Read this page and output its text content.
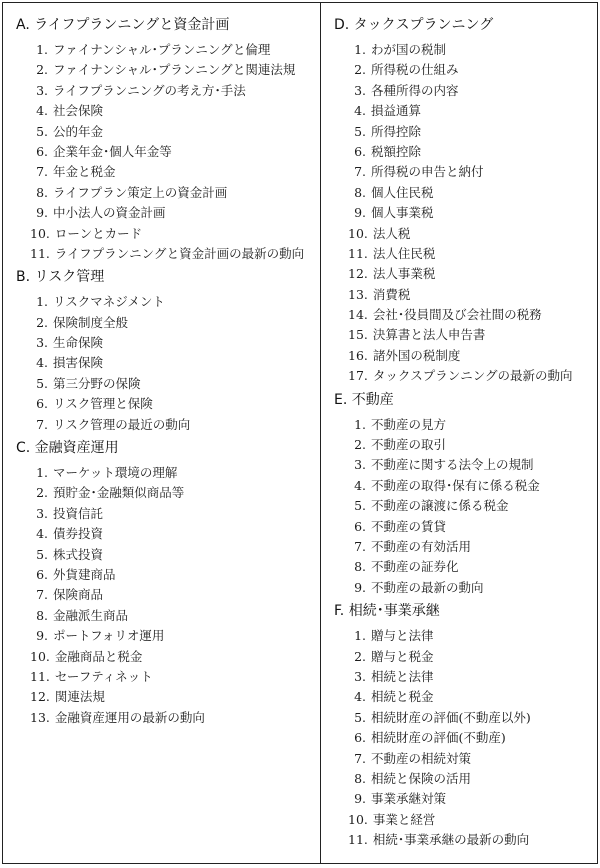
A. ライフプランニングと資金計画
1. ファイナンシャル･プランニングと倫理
2. ファイナンシャル･プランニングと関連法規
3. ライフプランニングの考え方･手法
4. 社会保険
5. 公的年金
6. 企業年金･個人年金等
7. 年金と税金
8. ライフプラン策定上の資金計画
9. 中小法人の資金計画
10. ローンとカード
11. ライフプランニングと資金計画の最新の動向
B. リスク管理
1. リスクマネジメント
2. 保険制度全般
3. 生命保険
4. 損害保険
5. 第三分野の保険
6. リスク管理と保険
7. リスク管理の最近の動向
C. 金融資産運用
1. マーケット環境の理解
2. 預貯金･金融類似商品等
3. 投資信託
4. 債券投資
5. 株式投資
6. 外貨建商品
7. 保険商品
8. 金融派生商品
9. ポートフォリオ運用
10. 金融商品と税金
11. セーフティネット
12. 関連法規
13. 金融資産運用の最新の動向
D. タックスプランニング
1. わが国の税制
2. 所得税の仕組み
3. 各種所得の内容
4. 損益通算
5. 所得控除
6. 税額控除
7. 所得税の申告と納付
8. 個人住民税
9. 個人事業税
10. 法人税
11. 法人住民税
12. 法人事業税
13. 消費税
14. 会社･役員間及び会社間の税務
15. 決算書と法人申告書
16. 諸外国の税制度
17. タックスプランニングの最新の動向
E. 不動産
1. 不動産の見方
2. 不動産の取引
3. 不動産に関する法令上の規制
4. 不動産の取得･保有に係る税金
5. 不動産の譲渡に係る税金
6. 不動産の賃貸
7. 不動産の有効活用
8. 不動産の証券化
9. 不動産の最新の動向
F. 相続･事業承継
1. 贈与と法律
2. 贈与と税金
3. 相続と法律
4. 相続と税金
5. 相続財産の評価(不動産以外)
6. 相続財産の評価(不動産)
7. 不動産の相続対策
8. 相続と保険の活用
9. 事業承継対策
10. 事業と経営
11. 相続･事業承継の最新の動向
